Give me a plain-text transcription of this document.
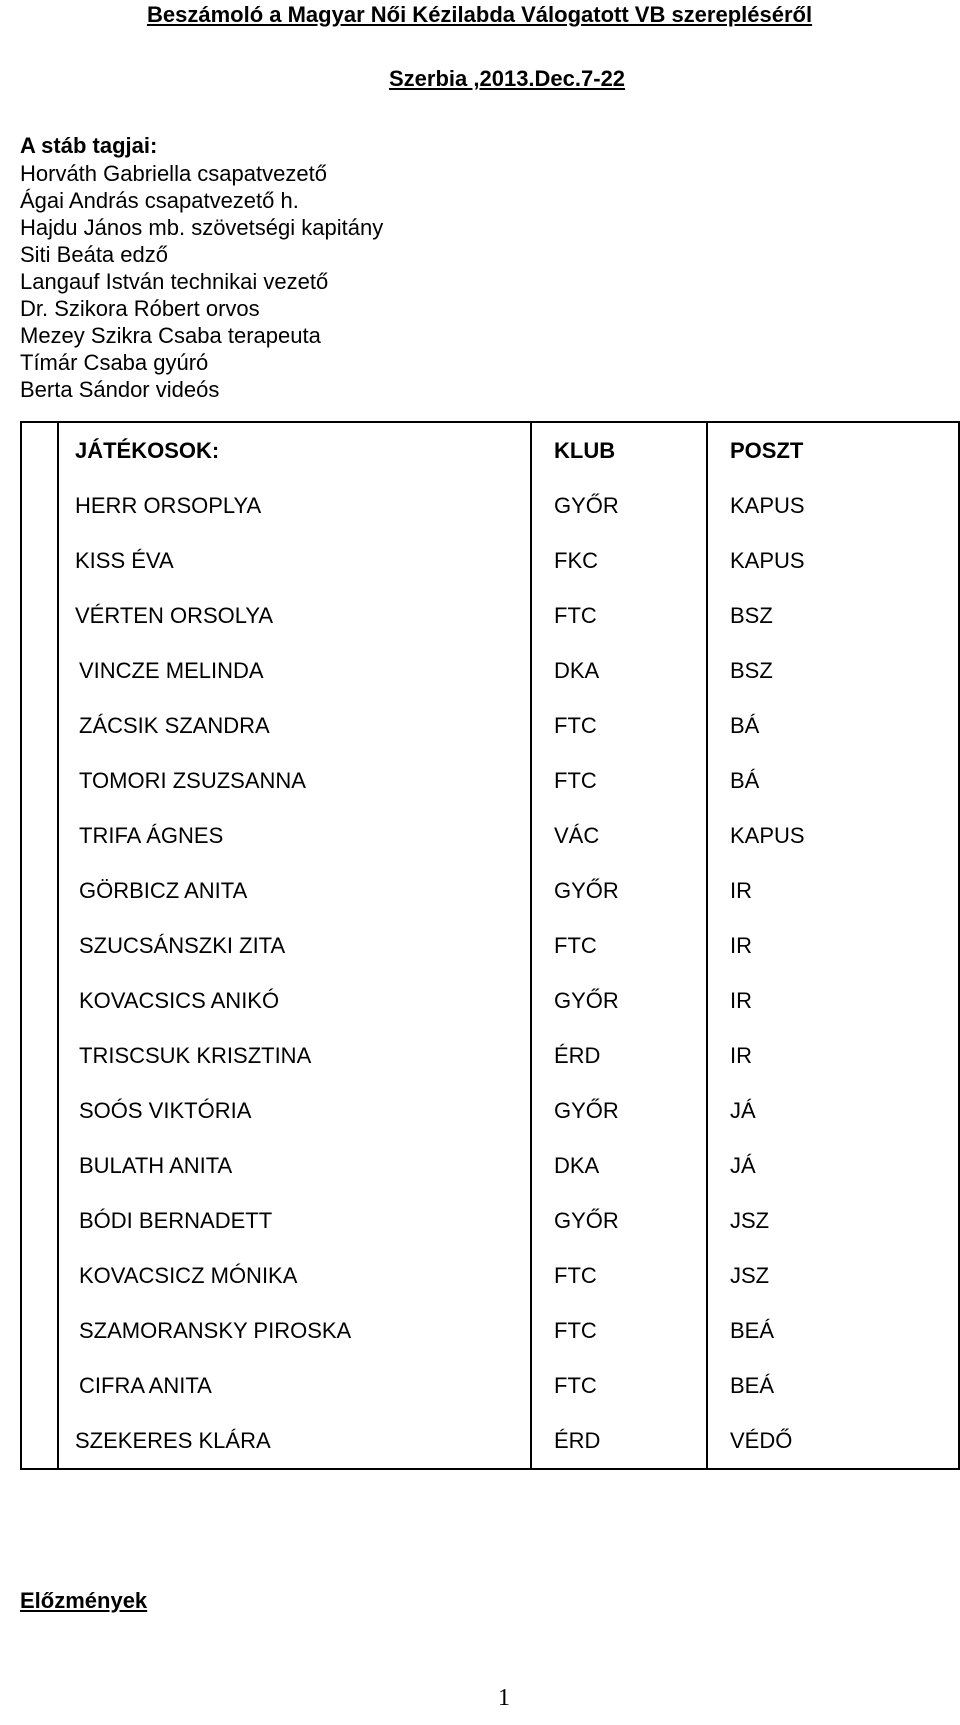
Beszámoló a Magyar Női Kézilabda Válogatott VB szerepléséről
Szerbia ,2013.Dec.7-22
A stáb tagjai:
Horváth Gabriella csapatvezető
Ágai András csapatvezető h.
Hajdu János mb. szövetségi kapitány
Siti Beáta edző
Langauf István technikai vezető
Dr. Szikora Róbert orvos
Mezey Szikra Csaba terapeuta
Tímár Csaba gyúró
Berta Sándor videós
	JÁTÉKOSOK:	KLUB	POSZT
	HERR ORSOPLYA	GYŐR	KAPUS
	KISS ÉVA	FKC	KAPUS
	VÉRTEN ORSOLYA	FTC	BSZ
	VINCZE MELINDA	DKA	BSZ
	ZÁCSIK SZANDRA	FTC	BÁ
	TOMORI ZSUZSANNA	FTC	BÁ
	TRIFA ÁGNES	VÁC	KAPUS
	GÖRBICZ ANITA	GYŐR	IR
	SZUCSÁNSZKI ZITA	FTC	IR
	KOVACSICS ANIKÓ	GYŐR	IR
	TRISCSUK KRISZTINA	ÉRD	IR
	SOÓS VIKTÓRIA	GYŐR	JÁ
	BULATH ANITA	DKA	JÁ
	BÓDI BERNADETT	GYŐR	JSZ
	KOVACSICZ MÓNIKA	FTC	JSZ
	SZAMORANSKY PIROSKA	FTC	BEÁ
	CIFRA ANITA	FTC	BEÁ
	SZEKERES KLÁRA	ÉRD	VÉDŐ
Előzmények
1
